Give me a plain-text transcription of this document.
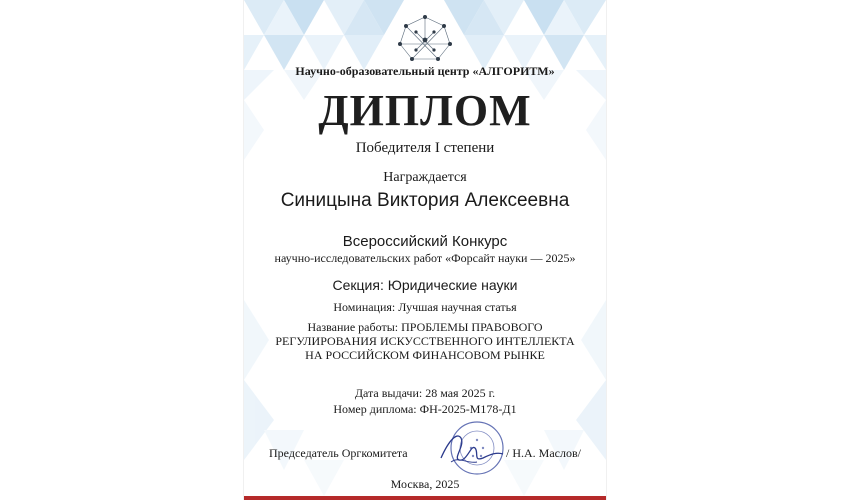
Научно-образовательный центр «АЛГОРИТМ»
ДИПЛОМ
Победителя I степени
Награждается
Синицына Виктория Алексеевна
Всероссийский Конкурс
научно-исследовательских работ «Форсайт науки — 2025»
Секция: Юридические науки
Номинация: Лучшая научная статья
Название работы: ПРОБЛЕМЫ ПРАВОВОГО РЕГУЛИРОВАНИЯ ИСКУССТВЕННОГО ИНТЕЛЛЕКТА НА РОССИЙСКОМ ФИНАНСОВОМ РЫНКЕ
Дата выдачи: 28 мая 2025 г.
Номер диплома: ФН-2025-М178-Д1
Председатель Оргкомитета	/ Н.А. Маслов/
Москва, 2025
